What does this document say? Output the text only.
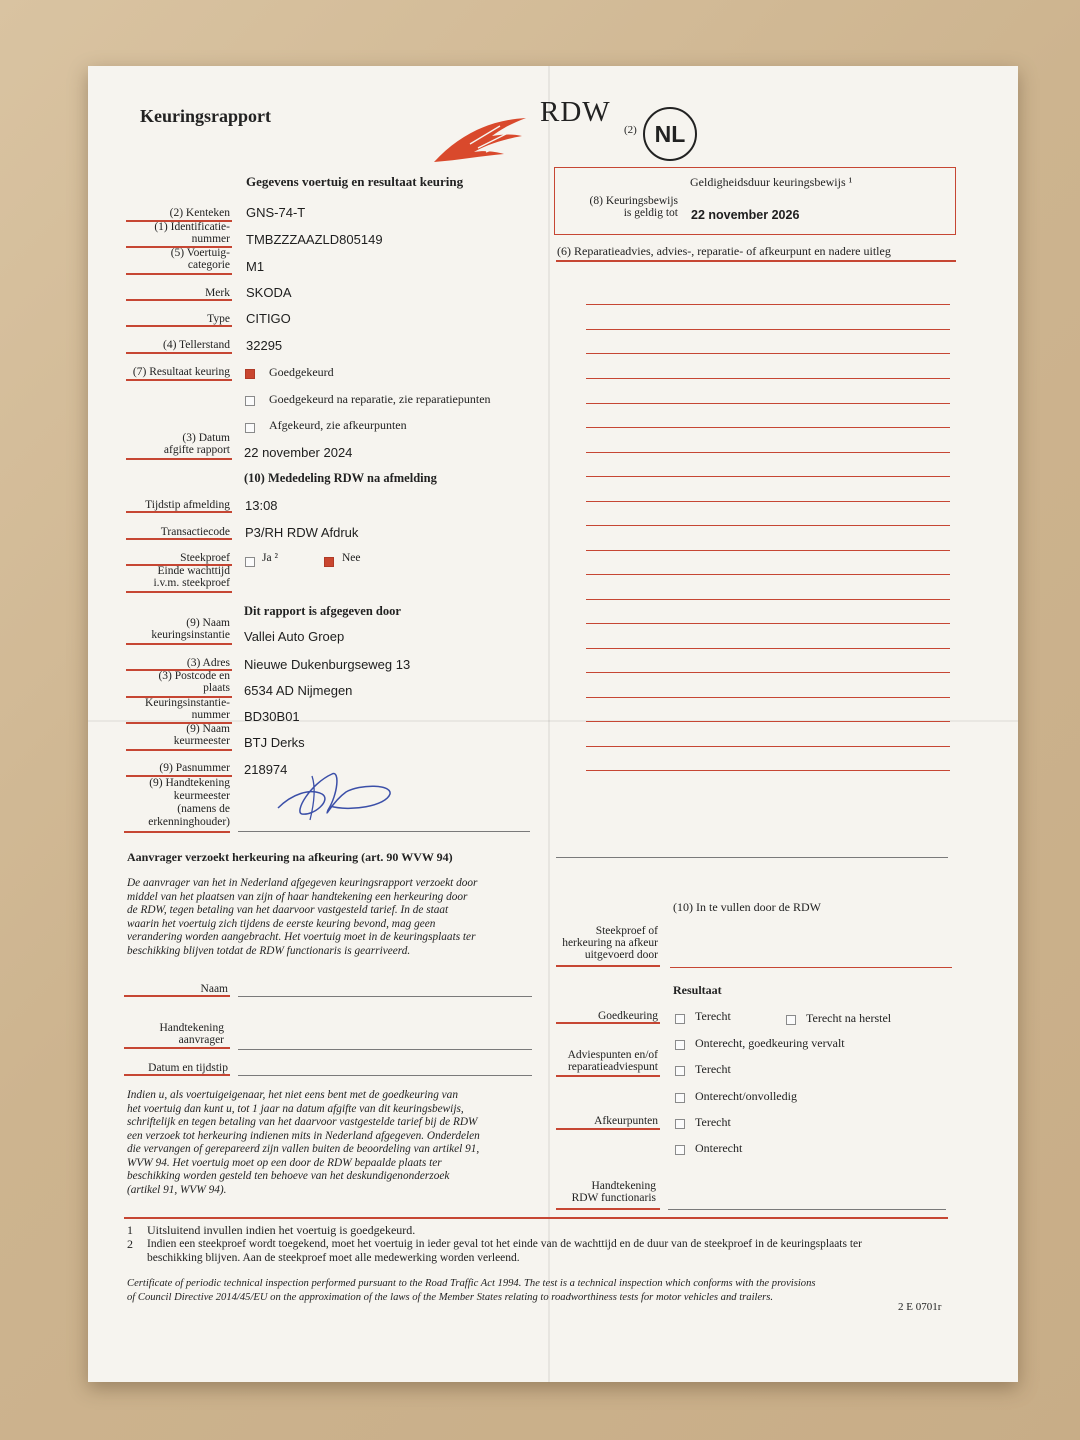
Keuringsrapport	RDW
(2) NL
Gegevens voertuig en resultaat keuring	Geldigheidsduur keuringsbewijs ¹
(8) Keuringsbewijs
is geldig tot 22 november 2026
(6) Reparatieadvies, advies-, reparatie- of afkeurpunt en nadere uitleg
(2) Kenteken GNS-74-T
(1) Identificatie-
nummer TMBZZZAAZLD805149
(5) Voertuig-
categorie M1
Merk SKODA
Type CITIGO
(4) Tellerstand 32295
(7) Resultaat keuring	Goedgekeurd
Goedgekeurd na reparatie, zie reparatiepunten
Afgekeurd, zie afkeurpunten
(3) Datum
afgifte rapport 22 november 2024
(10) Mededeling RDW na afmelding
Tijdstip afmelding 13:08
Transactiecode P3/RH RDW Afdruk
Steekproef	Ja ²	Nee
Einde wachttijd
i.v.m. steekproef
Dit rapport is afgegeven door
(9) Naam
keuringsinstantie Vallei Auto Groep
(3) Adres Nieuwe Dukenburgseweg 13
(3) Postcode en
plaats 6534 AD Nijmegen
Keuringsinstantie-
nummer BD30B01
(9) Naam
keurmeester BTJ Derks
(9) Pasnummer 218974
(9) Handtekening
keurmeester
(namens de
erkenninghouder)
Aanvrager verzoekt herkeuring na afkeuring (art. 90 WVW 94)
De aanvrager van het in Nederland afgegeven keuringsrapport verzoekt door
middel van het plaatsen van zijn of haar handtekening een herkeuring door
de RDW, tegen betaling van het daarvoor vastgesteld tarief. In de staat
waarin het voertuig zich tijdens de eerste keuring bevond, mag geen
verandering worden aangebracht. Het voertuig moet in de keuringsplaats ter
beschikking blijven totdat de RDW functionaris is gearriveerd.
Naam
Handtekening
aanvrager
Datum en tijdstip
Indien u, als voertuigeigenaar, het niet eens bent met de goedkeuring van
het voertuig dan kunt u, tot 1 jaar na datum afgifte van dit keuringsbewijs,
schriftelijk en tegen betaling van het daarvoor vastgestelde tarief bij de RDW
een verzoek tot herkeuring indienen mits in Nederland afgegeven. Onderdelen
die vervangen of gerepareerd zijn vallen buiten de beoordeling van artikel 91,
WVW 94. Het voertuig moet op een door de RDW bepaalde plaats ter
beschikking worden gesteld ten behoeve van het deskundigenonderzoek
(artikel 91, WVW 94).
(10) In te vullen door de RDW
Steekproef of
herkeuring na afkeur
uitgevoerd door
Resultaat
Goedkeuring	Terecht	Terecht na herstel
Onterecht, goedkeuring vervalt
Adviespunten en/of
reparatieadviespunt	Terecht
Onterecht/onvolledig
Afkeurpunten	Terecht
Onterecht
Handtekening
RDW functionaris
1 Uitsluitend invullen indien het voertuig is goedgekeurd.
2 Indien een steekproef wordt toegekend, moet het voertuig in ieder geval tot het einde van de wachttijd en de duur van de steekproef in de keuringsplaats ter
beschikking blijven. Aan de steekproef moet alle medewerking worden verleend.
Certificate of periodic technical inspection performed pursuant to the Road Traffic Act 1994. The test is a technical inspection which conforms with the provisions
of Council Directive 2014/45/EU on the approximation of the laws of the Member States relating to roadworthiness tests for motor vehicles and trailers.
2 E 0701r
